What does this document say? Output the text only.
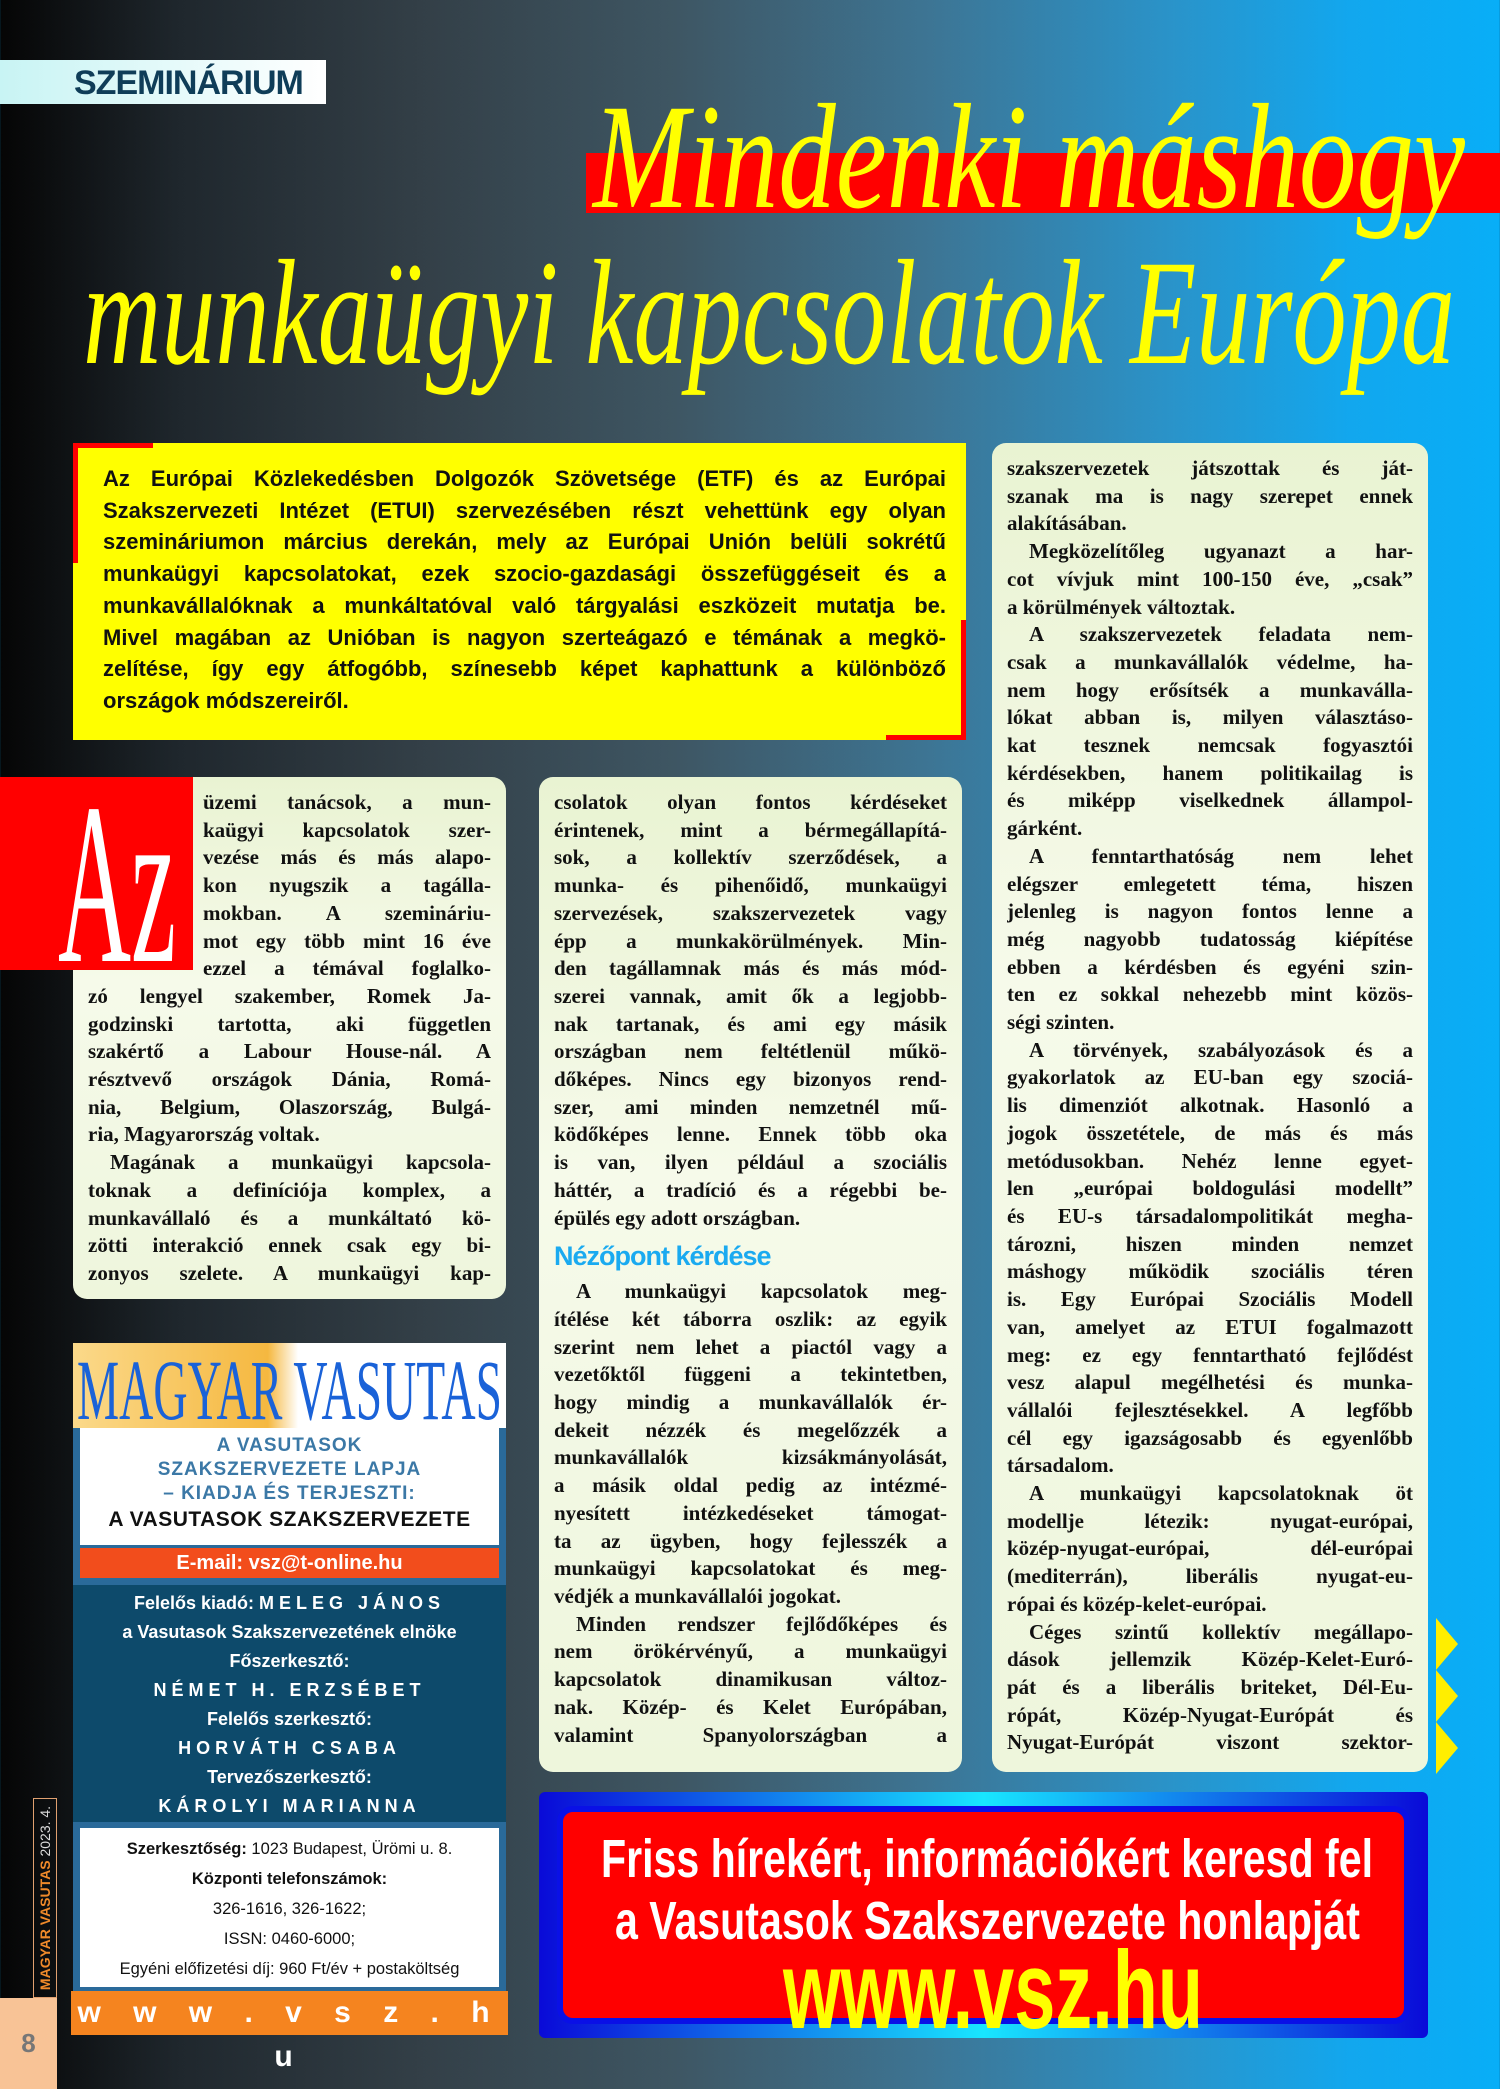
SZEMINÁRIUM Mindenki máshogy
munkaügyi kapcsolatok Európa
Az Európai Közlekedésben Dolgozók Szövetsége (ETF) és az Európai
Szakszervezeti Intézet (ETUI) szervezésében részt vehettünk egy olyan
szemináriumon március derekán, mely az Európai Unión belüli sokrétű
munkaügyi kapcsolatokat, ezek szocio-gazdasági összefüggéseit és a
munkavállalóknak a munkáltatóval való tárgyalási eszközeit mutatja be.
Mivel magában az Unióban is nagyon szerteágazó e témának a megkö-
zelítése, így egy átfogóbb, színesebb képet kaphattunk a különböző
országok módszereiről.
üzemi tanácsok, a mun-
kaügyi kapcsolatok szer-
vezése más és más alapo-
kon nyugszik a tagálla-
mokban. A szemináriu-
mot egy több mint 16 éve
ezzel a témával foglalko-
zó lengyel szakember, Romek Ja-
godzinski tartotta, aki független
szakértő a Labour House-nál. A
résztvevő országok Dánia, Romá-
nia, Belgium, Olaszország, Bulgá-
ria, Magyarország voltak.
Magának a munkaügyi kapcsola-
toknak a definíciója komplex, a
munkavállaló és a munkáltató kö-
zötti interakció ennek csak egy bi-
zonyos szelete. A munkaügyi kap-
Az	csolatok olyan fontos kérdéseket
érintenek, mint a bérmegállapítá-
sok, a kollektív szerződések, a
munka- és pihenőidő, munkaügyi
szervezések, szakszervezetek vagy
épp a munkakörülmények. Min-
den tagállamnak más és más mód-
szerei vannak, amit ők a legjobb-
nak tartanak, és ami egy másik
országban nem feltétlenül műkö-
dőképes. Nincs egy bizonyos rend-
szer, ami minden nemzetnél mű-
ködőképes lenne. Ennek több oka
is van, ilyen például a szociális
háttér, a tradíció és a régebbi be-
épülés egy adott országban.
Nézőpont kérdése
A munkaügyi kapcsolatok meg-
ítélése két táborra oszlik: az egyik
szerint nem lehet a piactól vagy a
vezetőktől függeni a tekintetben,
hogy mindig a munkavállalók ér-
dekeit nézzék és megelőzzék a
munkavállalók kizsákmányolását,
a másik oldal pedig az intézmé-
nyesített intézkedéseket támogat-
ta az ügyben, hogy fejlesszék a
munkaügyi kapcsolatokat és meg-
védjék a munkavállalói jogokat.
Minden rendszer fejlődőképes és
nem örökérvényű, a munkaügyi
kapcsolatok dinamikusan változ-
nak. Közép- és Kelet Európában,
valamint Spanyolországban a
szakszervezetek játszottak és ját-
szanak ma is nagy szerepet ennek
alakításában.
Megközelítőleg ugyanazt a har-
cot vívjuk mint 100-150 éve, „csak”
a körülmények változtak.
A szakszervezetek feladata nem-
csak a munkavállalók védelme, ha-
nem hogy erősítsék a munkaválla-
lókat abban is, milyen választáso-
kat tesznek nemcsak fogyasztói
kérdésekben, hanem politikailag is
és miképp viselkednek állampol-
gárként.
A fenntarthatóság nem lehet
elégszer emlegetett téma, hiszen
jelenleg is nagyon fontos lenne a
még nagyobb tudatosság kiépítése
ebben a kérdésben és egyéni szin-
ten ez sokkal nehezebb mint közös-
ségi szinten.
A törvények, szabályozások és a
gyakorlatok az EU-ban egy szociá-
lis dimenziót alkotnak. Hasonló a
jogok összetétele, de más és más
metódusokban. Nehéz lenne egyet-
len „európai boldogulási modellt”
és EU-s társadalompolitikát megha-
tározni, hiszen minden nemzet
máshogy működik szociális téren
is. Egy Európai Szociális Modell
van, amelyet az ETUI fogalmazott
meg: ez egy fenntartható fejlődést
vesz alapul megélhetési és munka-
vállalói fejlesztésekkel. A legfőbb
cél egy igazságosabb és egyenlőbb
társadalom.
A munkaügyi kapcsolatoknak öt
modellje létezik: nyugat-európai,
közép-nyugat-európai, dél-európai
(mediterrán), liberális nyugat-eu-
rópai és közép-kelet-európai.
Céges szintű kollektív megállapo-
dások jellemzik Közép-Kelet-Euró-
pát és a liberális briteket, Dél-Eu-
rópát, Közép-Nyugat-Európát és
Nyugat-Európát viszont szektor-
MAGYAR VASUTAS
A VASUTASOK
SZAKSZERVEZETE LAPJA
– KIADJA ÉS TERJESZTI:
A VASUTASOK SZAKSZERVEZETE
E-mail: vsz@t-online.hu
Felelős kiadó: MELEG JÁNOS
a Vasutasok Szakszervezetének elnöke
Főszerkesztő:
NÉMET H. ERZSÉBET
Felelős szerkesztő:
HORVÁTH CSABA
Tervezőszerkesztő:
KÁROLYI MARIANNA
Szerkesztőség: 1023 Budapest, Ürömi u. 8.
Központi telefonszámok:
326-1616, 326-1622;
ISSN: 0460-6000;
Egyéni előfizetési díj: 960 Ft/év + postaköltség
w w w . v s z . h u
Friss hírekért, információkért keresd fel
a Vasutasok Szakszervezete honlapját
www.vsz.hu
MAGYAR VASUTAS 2023. 4.
8
